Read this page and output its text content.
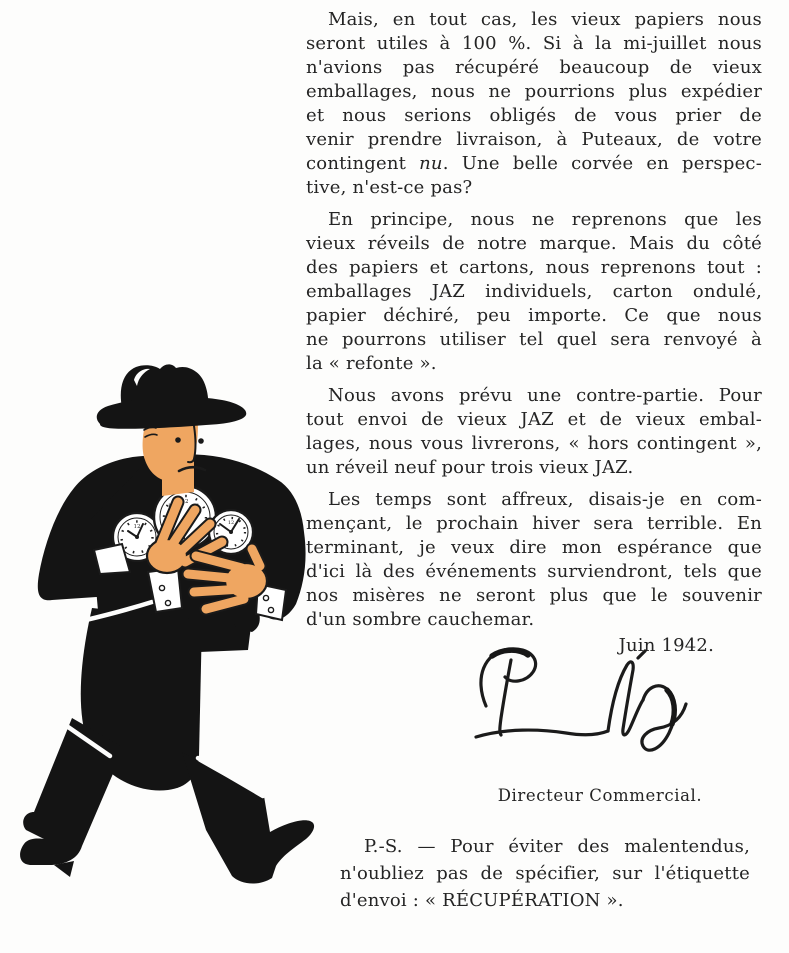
Mais, en tout cas, les vieux papiers nous
seront utiles à 100 %. Si à la mi-juillet nous
n'avions pas récupéré beaucoup de vieux
emballages, nous ne pourrions plus expédier
et nous serions obligés de vous prier de
venir prendre livraison, à Puteaux, de votre
contingent nu. Une belle corvée en perspec-
tive, n'est-ce pas?
En principe, nous ne reprenons que les
vieux réveils de notre marque. Mais du côté
des papiers et cartons, nous reprenons tout :
emballages JAZ individuels, carton ondulé,
papier déchiré, peu importe. Ce que nous
ne pourrons utiliser tel quel sera renvoyé à
la « refonte ».
Nous avons prévu une contre-partie. Pour
tout envoi de vieux JAZ et de vieux embal-
lages, nous vous livrerons, « hors contingent »,
un réveil neuf pour trois vieux JAZ.
Les temps sont affreux, disais-je en com-
mençant, le prochain hiver sera terrible. En
terminant, je veux dire mon espérance que
d'ici là des événements surviendront, tels que
nos misères ne seront plus que le souvenir
d'un sombre cauchemar.
Juin 1942.
Directeur Commercial.
P.-S. — Pour éviter des malentendus,
n'oubliez pas de spécifier, sur l'étiquette
d'envoi : « RÉCUPÉRATION ».
12
12
11	1
12
